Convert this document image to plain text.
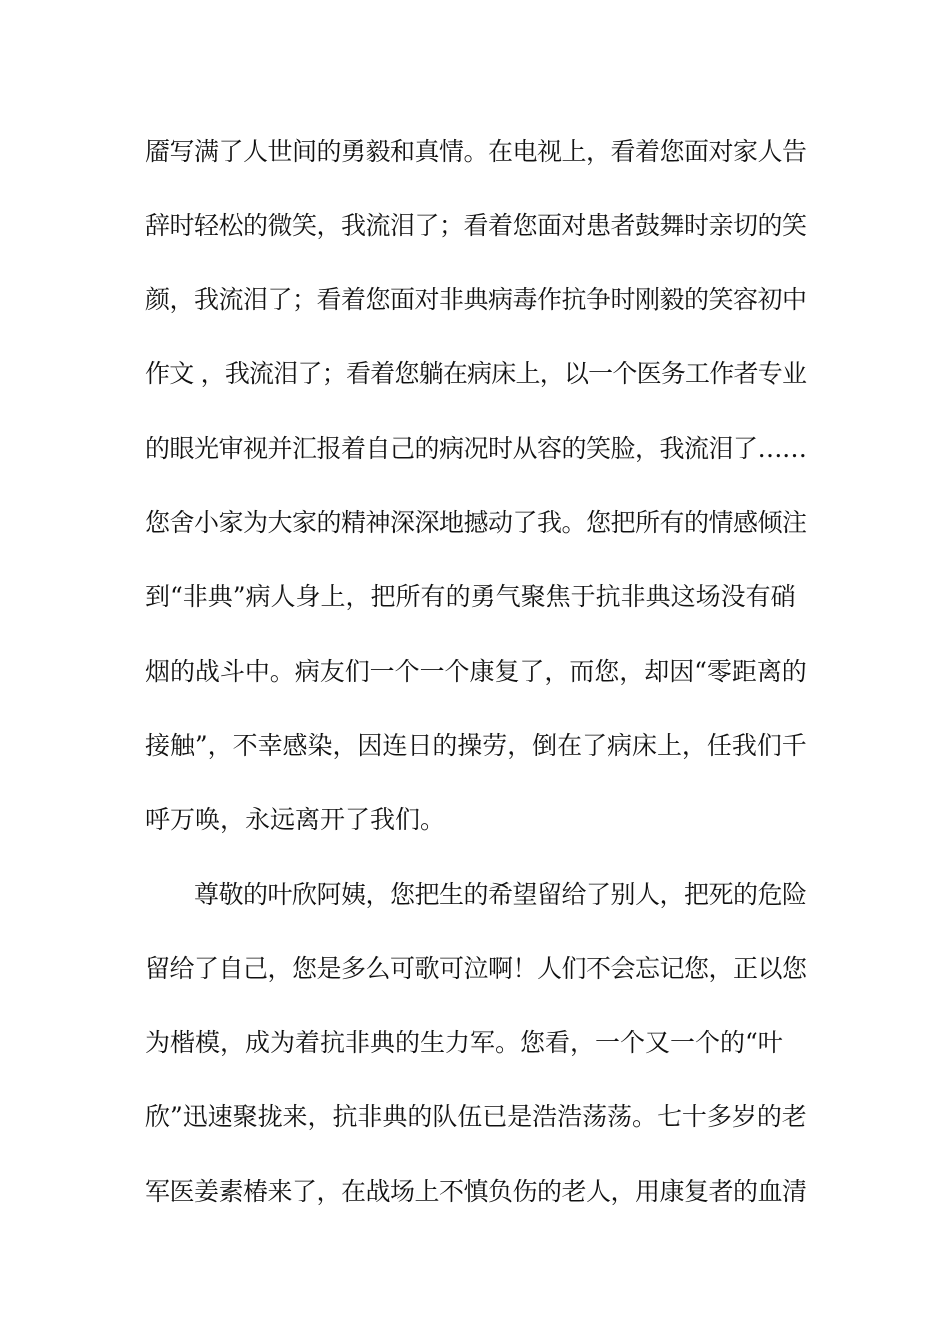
靥写满了人世间的勇毅和真情。在电视上，看着您面对家人告
辞时轻松的微笑，我流泪了；看着您面对患者鼓舞时亲切的笑
颜，我流泪了；看着您面对非典病毒作抗争时刚毅的笑容初中
作文 ，我流泪了；看着您躺在病床上，以一个医务工作者专业
的眼光审视并汇报着自己的病况时从容的笑脸，我流泪了……
您舍小家为大家的精神深深地撼动了我。您把所有的情感倾注
到“非典”病人身上，把所有的勇气聚焦于抗非典这场没有硝
烟的战斗中。病友们一个一个康复了，而您，却因“零距离的
接触”，不幸感染，因连日的操劳，倒在了病床上，任我们千
呼万唤，永远离开了我们。
尊敬的叶欣阿姨，您把生的希望留给了别人，把死的危险
留给了自己，您是多么可歌可泣啊！人们不会忘记您，正以您
为楷模，成为着抗非典的生力军。您看，一个又一个的“叶
欣”迅速聚拢来，抗非典的队伍已是浩浩荡荡。七十多岁的老
军医姜素椿来了，在战场上不慎负伤的老人，用康复者的血清
